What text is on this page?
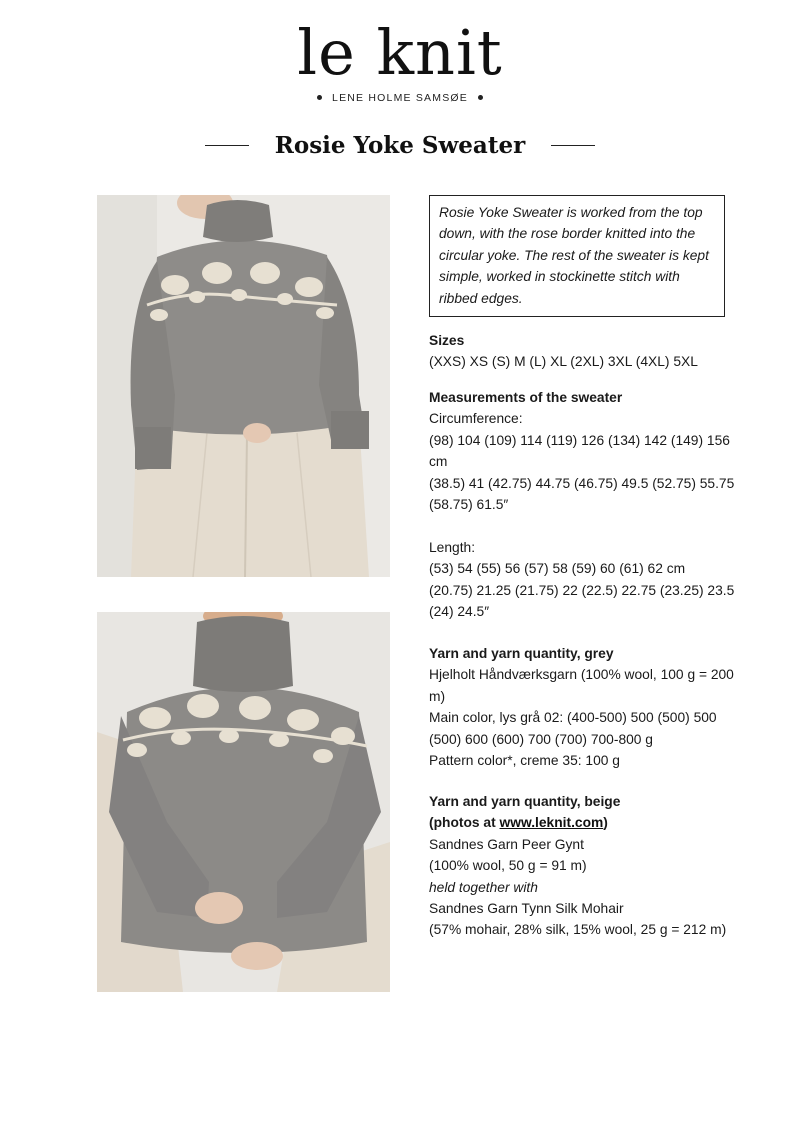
le knit
LENE HOLME SAMSØE
Rosie Yoke Sweater
Rosie Yoke Sweater is worked from the top down, with the rose border knitted into the circular yoke. The rest of the sweater is kept simple, worked in stockinette stitch with ribbed edges.
Sizes
(XXS) XS (S) M (L) XL (2XL) 3XL (4XL) 5XL
Measurements of the sweater
Circumference:
(98) 104 (109) 114 (119) 126 (134) 142 (149) 156 cm
(38.5) 41 (42.75) 44.75 (46.75) 49.5 (52.75) 55.75 (58.75) 61.5″
Length:
(53) 54 (55) 56 (57) 58 (59) 60 (61) 62 cm
(20.75) 21.25 (21.75) 22 (22.5) 22.75 (23.25) 23.5 (24) 24.5″
Yarn and yarn quantity, grey
Hjelholt Håndværksgarn (100% wool, 100 g = 200 m)
Main color, lys grå 02: (400-500) 500 (500) 500 (500) 600 (600) 700 (700) 700-800 g
Pattern color*, creme 35: 100 g
Yarn and yarn quantity, beige
(photos at www.leknit.com)
Sandnes Garn Peer Gynt
(100% wool, 50 g = 91 m)
held together with
Sandnes Garn Tynn Silk Mohair
(57% mohair, 28% silk, 15% wool, 25 g = 212 m)
